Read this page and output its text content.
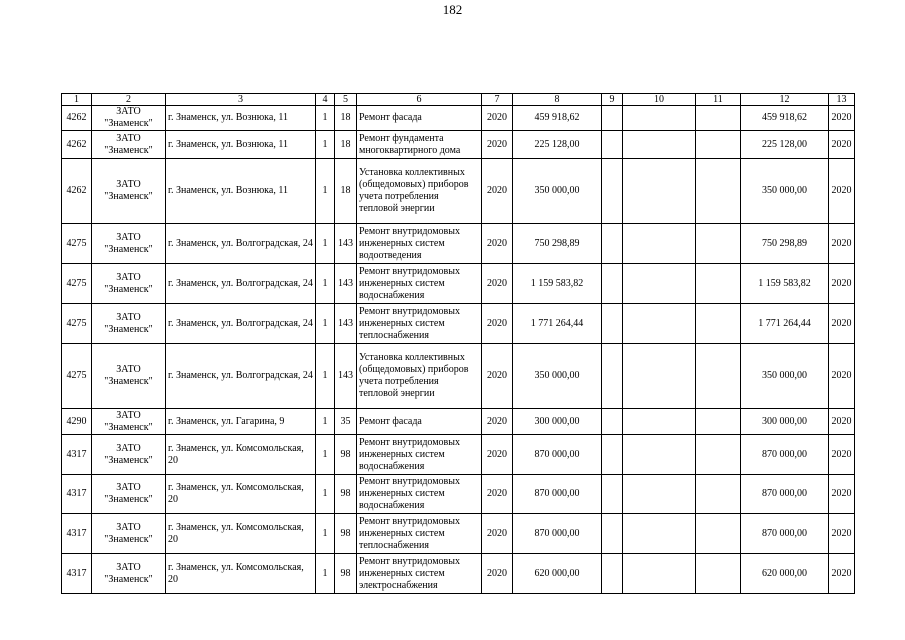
182
1	2	3	4	5	6	7	8	9	10	11	12	13
4262	ЗАТО "Знаменск"	г. Знаменск, ул. Вознюка, 11	1	18	Ремонт фасада	2020	459 918,62				459 918,62	2020
4262	ЗАТО "Знаменск"	г. Знаменск, ул. Вознюка, 11	1	18	Ремонт фундамента многоквартирного дома	2020	225 128,00				225 128,00	2020
4262	ЗАТО "Знаменск"	г. Знаменск, ул. Вознюка, 11	1	18	Установка коллективных (общедомовых) приборов учета потребления тепловой энергии	2020	350 000,00				350 000,00	2020
4275	ЗАТО "Знаменск"	г. Знаменск, ул. Волгоградская, 24	1	143	Ремонт внутридомовых инженерных систем водоотведения	2020	750 298,89				750 298,89	2020
4275	ЗАТО "Знаменск"	г. Знаменск, ул. Волгоградская, 24	1	143	Ремонт внутридомовых инженерных систем водоснабжения	2020	1 159 583,82				1 159 583,82	2020
4275	ЗАТО "Знаменск"	г. Знаменск, ул. Волгоградская, 24	1	143	Ремонт внутридомовых инженерных систем теплоснабжения	2020	1 771 264,44				1 771 264,44	2020
4275	ЗАТО "Знаменск"	г. Знаменск, ул. Волгоградская, 24	1	143	Установка коллективных (общедомовых) приборов учета потребления тепловой энергии	2020	350 000,00				350 000,00	2020
4290	ЗАТО "Знаменск"	г. Знаменск, ул. Гагарина, 9	1	35	Ремонт фасада	2020	300 000,00				300 000,00	2020
4317	ЗАТО "Знаменск"	г. Знаменск, ул. Комсомольская, 20	1	98	Ремонт внутридомовых инженерных систем водоснабжения	2020	870 000,00				870 000,00	2020
4317	ЗАТО "Знаменск"	г. Знаменск, ул. Комсомольская, 20	1	98	Ремонт внутридомовых инженерных систем водоснабжения	2020	870 000,00				870 000,00	2020
4317	ЗАТО "Знаменск"	г. Знаменск, ул. Комсомольская, 20	1	98	Ремонт внутридомовых инженерных систем теплоснабжения	2020	870 000,00				870 000,00	2020
4317	ЗАТО "Знаменск"	г. Знаменск, ул. Комсомольская, 20	1	98	Ремонт внутридомовых инженерных систем электроснабжения	2020	620 000,00				620 000,00	2020
